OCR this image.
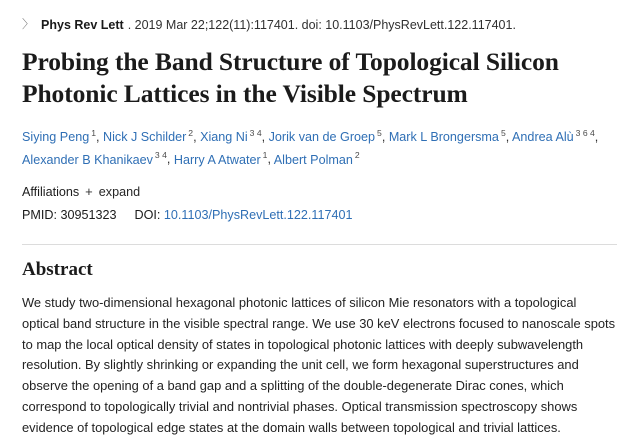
〉 Phys Rev Lett . 2019 Mar 22;122(11):117401. doi: 10.1103/PhysRevLett.122.117401.
Probing the Band Structure of Topological Silicon Photonic Lattices in the Visible Spectrum
Siying Peng $^1$, Nick J Schilder $^2$, Xiang Ni $^{3 4}$, Jorik van de Groep $^5$, Mark L Brongersma $^5$, Andrea Alù $^{3 6 4}$, Alexander B Khanikaev $^{3 4}$, Harry A Atwater $^1$, Albert Polman $^2$
Affiliations + expand
PMID: 30951323 DOI: 10.1103/PhysRevLett.122.117401
Abstract
We study two-dimensional hexagonal photonic lattices of silicon Mie resonators with a topological optical band structure in the visible spectral range. We use 30 keV electrons focused to nanoscale spots to map the local optical density of states in topological photonic lattices with deeply subwavelength resolution. By slightly shrinking or expanding the unit cell, we form hexagonal superstructures and observe the opening of a band gap and a splitting of the double-degenerate Dirac cones, which correspond to topologically trivial and nontrivial phases. Optical transmission spectroscopy shows evidence of topological edge states at the domain walls between topological and trivial lattices.
